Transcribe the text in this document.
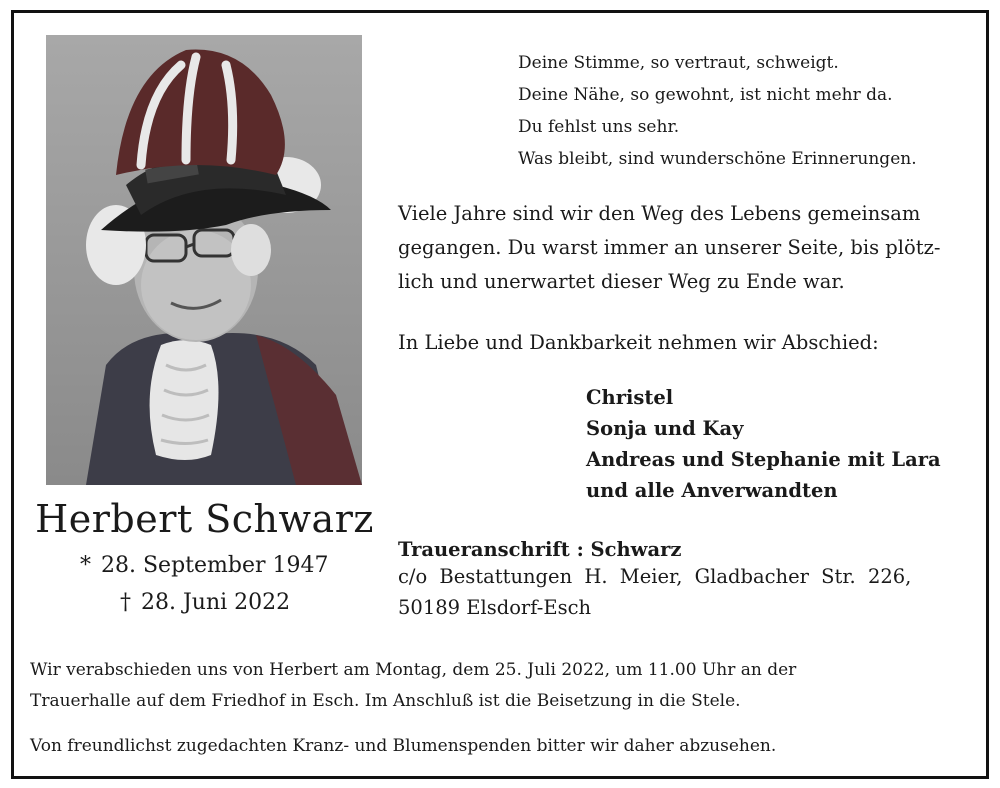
Herbert Schwarz
* 28. September 1947
† 28. Juni 2022
Deine Stimme, so vertraut, schweigt.
Deine Nähe, so gewohnt, ist nicht mehr da.
Du fehlst uns sehr.
Was bleibt, sind wunderschöne Erinnerungen.
Viele Jahre sind wir den Weg des Lebens gemeinsam
gegangen. Du warst immer an unserer Seite, bis plötz-
lich und unerwartet dieser Weg zu Ende war.
In Liebe und Dankbarkeit nehmen wir Abschied:
Christel
Sonja und Kay
Andreas und Stephanie mit Lara
und alle Anverwandten
Traueranschrift : Schwarz
c/o Bestattungen H. Meier, Gladbacher Str. 226,
50189 Elsdorf-Esch
Wir verabschieden uns von Herbert am Montag, dem 25. Juli 2022, um 11.00 Uhr an der
Trauerhalle auf dem Friedhof in Esch. Im Anschluß ist die Beisetzung in die Stele.
Von freundlichst zugedachten Kranz- und Blumenspenden bitter wir daher abzusehen.
